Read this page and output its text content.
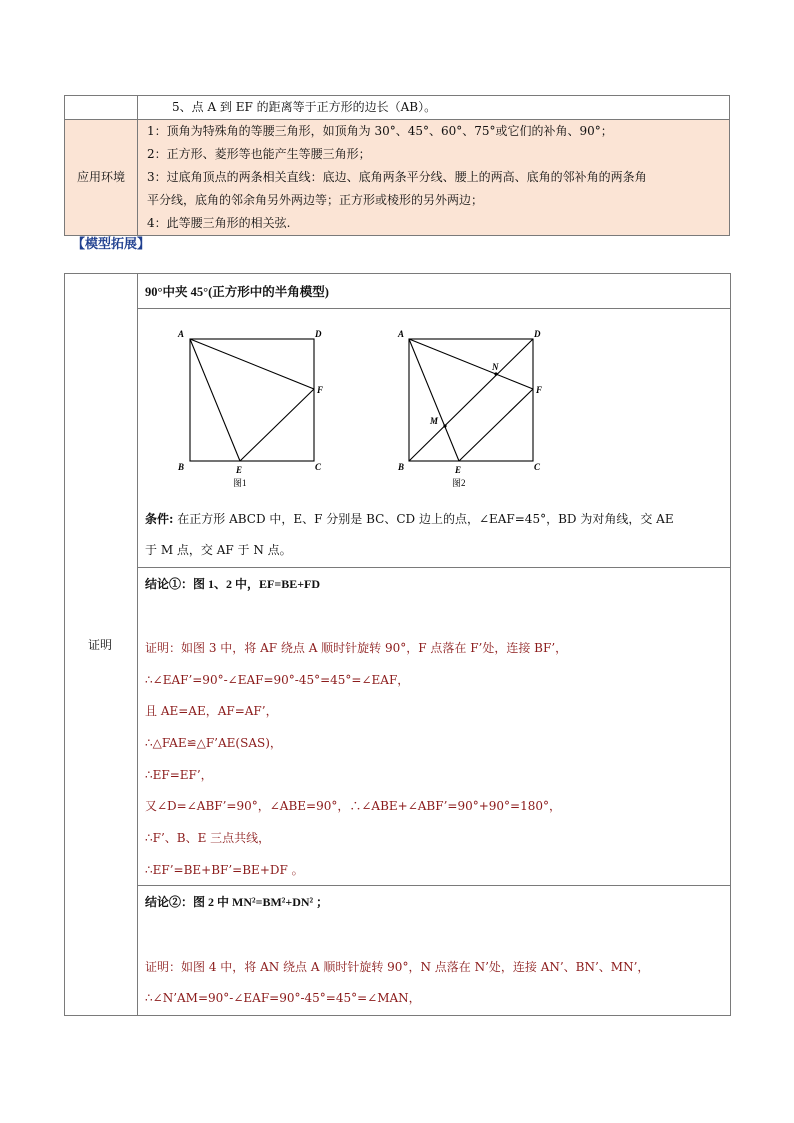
	5、点 A 到 EF 的距离等于正方形的边长（AB）。
应用环境	1：顶角为特殊角的等腰三角形，如顶角为 30°、45°、60°、75°或它们的补角、90°；
2：正方形、菱形等也能产生等腰三角形；
3：过底角顶点的两条相关直线：底边、底角两条平分线、腰上的两高、底角的邻补角的两条角
平分线，底角的邻余角另外两边等；正方形或棱形的另外两边；
4：此等腰三角形的相关弦.
【模型拓展】
证明
90°中夹 45°(正方形中的半角模型)
A	D
B	C
E
F
图1
A	D
B	C
E
F
M
N
图2
条件: 在正方形 ABCD 中，E、F 分别是 BC、CD 边上的点，∠EAF=45°，BD 为对角线，交 AE
于 M 点，交 AF 于 N 点。
结论①：图 1、2 中，EF=BE+FD
证明：如图 3 中，将 AF 绕点 A 顺时针旋转 90°，F 点落在 F’处，连接 BF’，
∴∠EAF’=90°-∠EAF=90°-45°=45°=∠EAF，
且 AE=AE，AF=AF’，
∴△FAE≌△F’AE(SAS)，
∴EF=EF’，
又∠D=∠ABF’=90°，∠ABE=90°，∴∠ABE+∠ABF’=90°+90°=180°，
∴F’、B、E 三点共线，
∴EF’=BE+BF’=BE+DF 。
结论②：图 2 中 MN²=BM²+DN² ；
证明：如图 4 中，将 AN 绕点 A 顺时针旋转 90°，N 点落在 N’处，连接 AN’、BN’、MN’，
∴∠N’AM=90°-∠EAF=90°-45°=45°=∠MAN，
